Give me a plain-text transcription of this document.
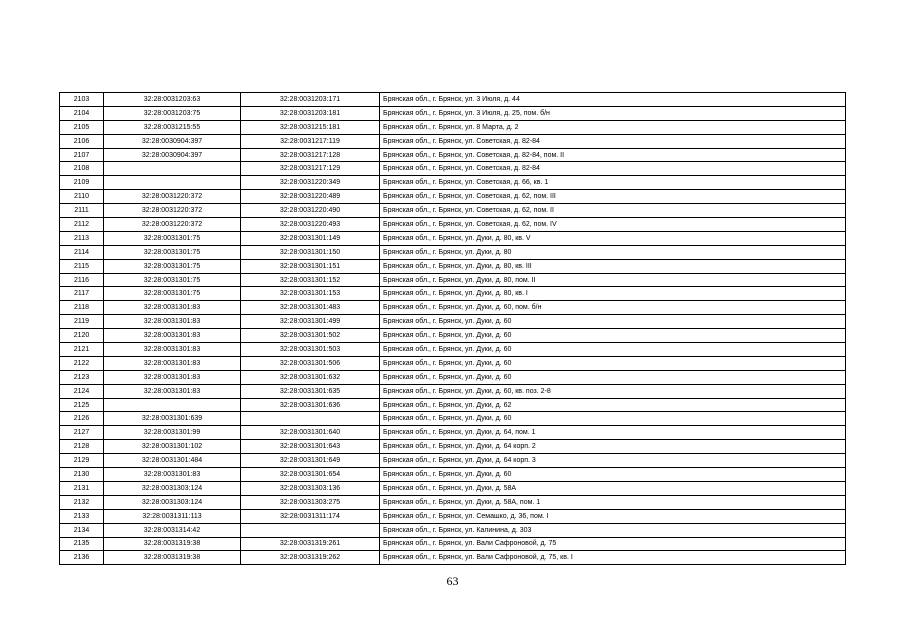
2103	32:28:0031203:63	32:28:0031203:171	Брянская обл., г. Брянск, ул. 3 Июля, д. 44
2104	32:28:0031203:75	32:28:0031203:181	Брянская обл., г. Брянск, ул. 3 Июля, д. 25, пом. б/н
2105	32:28:0031215:55	32:28:0031215:181	Брянская обл., г. Брянск, ул. 8 Марта, д. 2
2106	32:28:0030904:397	32:28:0031217:119	Брянская обл., г. Брянск, ул. Советская, д. 82-84
2107	32:28:0030904:397	32:28:0031217:128	Брянская обл., г. Брянск, ул. Советская, д. 82-84, пом. II
2108		32:28:0031217:129	Брянская обл., г. Брянск, ул. Советская, д. 82-84
2109		32:28:0031220:349	Брянская обл., г. Брянск, ул. Советская, д. 66, кв. 1
2110	32:28:0031220:372	32:28:0031220:489	Брянская обл., г. Брянск, ул. Советская, д. 62, пом. III
2111	32:28:0031220:372	32:28:0031220:490	Брянская обл., г. Брянск, ул. Советская, д. 62, пом. II
2112	32:28:0031220:372	32:28:0031220:493	Брянская обл., г. Брянск, ул. Советская, д. 62, пом. IV
2113	32:28:0031301:75	32:28:0031301:149	Брянская обл., г. Брянск, ул. Дуки, д. 80, кв. V
2114	32:28:0031301:75	32:28:0031301:150	Брянская обл., г. Брянск, ул. Дуки, д. 80
2115	32:28:0031301:75	32:28:0031301:151	Брянская обл., г. Брянск, ул. Дуки, д. 80, кв. III
2116	32:28:0031301:75	32:28:0031301:152	Брянская обл., г. Брянск, ул. Дуки, д. 80, пом. II
2117	32:28:0031301:75	32:28:0031301:153	Брянская обл., г. Брянск, ул. Дуки, д. 80, кв. I
2118	32:28:0031301:83	32:28:0031301:483	Брянская обл., г. Брянск, ул. Дуки, д. 60, пом. б/н
2119	32:28:0031301:83	32:28:0031301:499	Брянская обл., г. Брянск, ул. Дуки, д. 60
2120	32:28:0031301:83	32:28:0031301:502	Брянская обл., г. Брянск, ул. Дуки, д. 60
2121	32:28:0031301:83	32:28:0031301:503	Брянская обл., г. Брянск, ул. Дуки, д. 60
2122	32:28:0031301:83	32:28:0031301:506	Брянская обл., г. Брянск, ул. Дуки, д. 60
2123	32:28:0031301:83	32:28:0031301:632	Брянская обл., г. Брянск, ул. Дуки, д. 60
2124	32:28:0031301:83	32:28:0031301:635	Брянская обл., г. Брянск, ул. Дуки, д. 60, кв. поз. 2-8
2125		32:28:0031301:636	Брянская обл., г. Брянск, ул. Дуки, д. 62
2126	32:28:0031301:639		Брянская обл., г. Брянск, ул. Дуки, д. 60
2127	32:28:0031301:99	32:28:0031301:640	Брянская обл., г. Брянск, ул. Дуки, д. 64, пом. 1
2128	32:28:0031301:102	32:28:0031301:643	Брянская обл., г. Брянск, ул. Дуки, д. 64 корп. 2
2129	32:28:0031301:484	32:28:0031301:649	Брянская обл., г. Брянск, ул. Дуки, д. 64 корп. 3
2130	32:28:0031301:83	32:28:0031301:654	Брянская обл., г. Брянск, ул. Дуки, д. 60
2131	32:28:0031303:124	32:28:0031303:136	Брянская обл., г. Брянск, ул. Дуки, д. 58А
2132	32:28:0031303:124	32:28:0031303:275	Брянская обл., г. Брянск, ул. Дуки, д. 58А, пом. 1
2133	32:28:0031311:113	32:28:0031311:174	Брянская обл., г. Брянск, ул. Семашко, д. 36, пом. I
2134	32:28:0031314:42		Брянская обл., г. Брянск, ул. Калинина, д. 303
2135	32:28:0031319:38	32:28:0031319:261	Брянская обл., г. Брянск, ул. Вали Сафроновой, д. 75
2136	32:28:0031319:38	32:28:0031319:262	Брянская обл., г. Брянск, ул. Вали Сафроновой, д. 75, кв. I
63
